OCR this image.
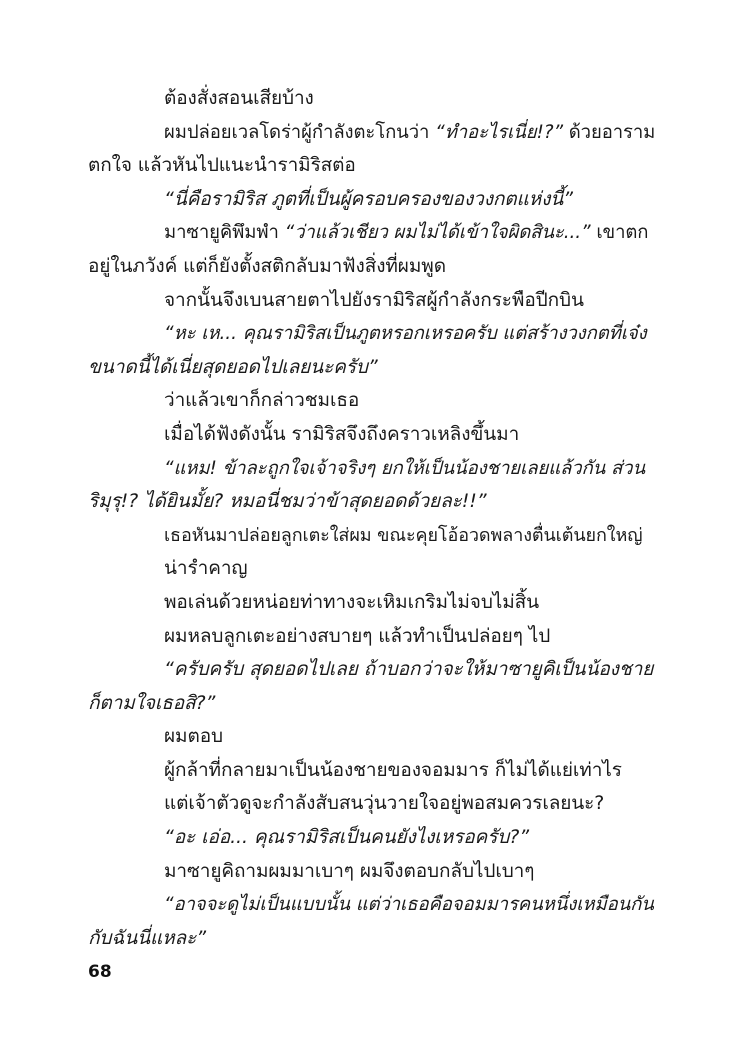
ต้องสั่งสอนเสียบ้าง
ผมปล่อยเวลโดร่าผู้กำลังตะโกนว่า “ทำอะไรเนี่ย!?” ด้วยอาราม
ตกใจ แล้วหันไปแนะนำรามิริสต่อ
“นี่คือรามิริส ภูตที่เป็นผู้ครอบครองของวงกตแห่งนี้”
มาซายูคิพึมพำ “ว่าแล้วเชียว ผมไม่ได้เข้าใจผิดสินะ...” เขาตก
อยู่ในภวังค์ แต่ก็ยังตั้งสติกลับมาฟังสิ่งที่ผมพูด
จากนั้นจึงเบนสายตาไปยังรามิริสผู้กำลังกระพือปีกบิน
“หะ เห... คุณรามิริสเป็นภูตหรอกเหรอครับ แต่สร้างวงกตที่เจ๋ง
ขนาดนี้ได้เนี่ยสุดยอดไปเลยนะครับ”
ว่าแล้วเขาก็กล่าวชมเธอ
เมื่อได้ฟังดังนั้น รามิริสจึงถึงคราวเหลิงขึ้นมา
“แหม! ข้าละถูกใจเจ้าจริงๆ ยกให้เป็นน้องชายเลยแล้วกัน ส่วน
ริมุรุ!? ได้ยินมั้ย? หมอนี่ชมว่าข้าสุดยอดด้วยละ!!”
เธอหันมาปล่อยลูกเตะใส่ผม ขณะคุยโอ้อวดพลางตื่นเต้นยกใหญ่
น่ารำคาญ
พอเล่นด้วยหน่อยท่าทางจะเหิมเกริมไม่จบไม่สิ้น
ผมหลบลูกเตะอย่างสบายๆ แล้วทำเป็นปล่อยๆ ไป
“ครับครับ สุดยอดไปเลย ถ้าบอกว่าจะให้มาซายูคิเป็นน้องชาย
ก็ตามใจเธอสิ?”
ผมตอบ
ผู้กล้าที่กลายมาเป็นน้องชายของจอมมาร ก็ไม่ได้แย่เท่าไร
แต่เจ้าตัวดูจะกำลังสับสนวุ่นวายใจอยู่พอสมควรเลยนะ?
“อะ เอ่อ... คุณรามิริสเป็นคนยังไงเหรอครับ?”
มาซายูคิถามผมมาเบาๆ ผมจึงตอบกลับไปเบาๆ
“อาจจะดูไม่เป็นแบบนั้น แต่ว่าเธอคือจอมมารคนหนึ่งเหมือนกัน
กับฉันนี่แหละ”
68
